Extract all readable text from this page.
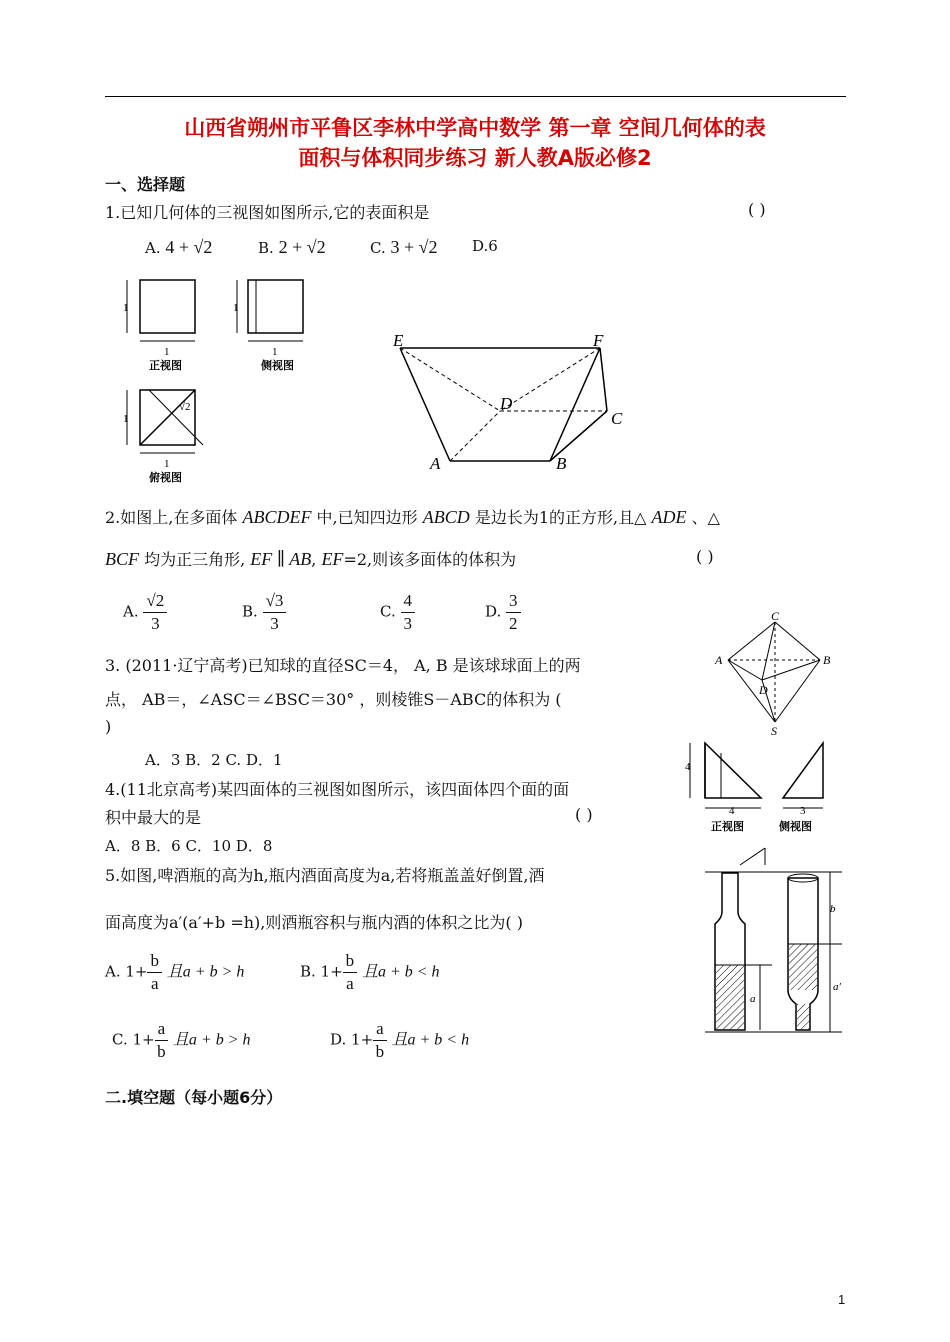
山西省朔州市平鲁区李林中学高中数学 第一章 空间几何体的表
面积与体积同步练习 新人教A版必修2
一、选择题
1.已知几何体的三视图如图所示,它的表面积是	( )
A. 4 + √2	B. 2 + √2	C. 3 + √2 D.6
1
1
正视图
1
1
侧视图
1
√2
1
俯视图
E	F
D
C
A	B
2.如图上,在多面体 ABCDEF 中,已知四边形 ABCD 是边长为1的正方形,且△ ADE 、△
BCF 均为正三角形, EF ∥ AB, EF=2,则该多面体的体积为	( )
A. $\frac{√2}{3}$	B. $\frac{√3}{3}$	C. $\frac{4}{3}$	D. $\frac{3}{2}$	C
A	B
D
S
3. (2011·辽宁高考)已知球的直径SC＝4， A, B 是该球球面上的两
点， AB＝，∠ASC＝∠BSC＝30° ，则棱锥S－ABC的体积为 (
)
A．3 B．2 C. D．1	4
4
正视图
3
侧视图
4.(11北京高考)某四面体的三视图如图所示，该四面体四个面的面
积中最大的是	( )
A．8 B．6 C．10 D．8
a
b
a′
5.如图,啤酒瓶的高为h,瓶内酒面高度为a,若将瓶盖盖好倒置,酒
面高度为a′(a′+b =h),则酒瓶容积与瓶内酒的体积之比为( )
A. $1+ \frac{b}{a}$ 且a + b > h	B. $1+ \frac{b}{a}$ 且a + b < h
C. $1+ \frac{a}{b}$ 且a + b > h	D. $1+ \frac{a}{b}$ 且a + b < h
二.填空题（每小题6分）
1
